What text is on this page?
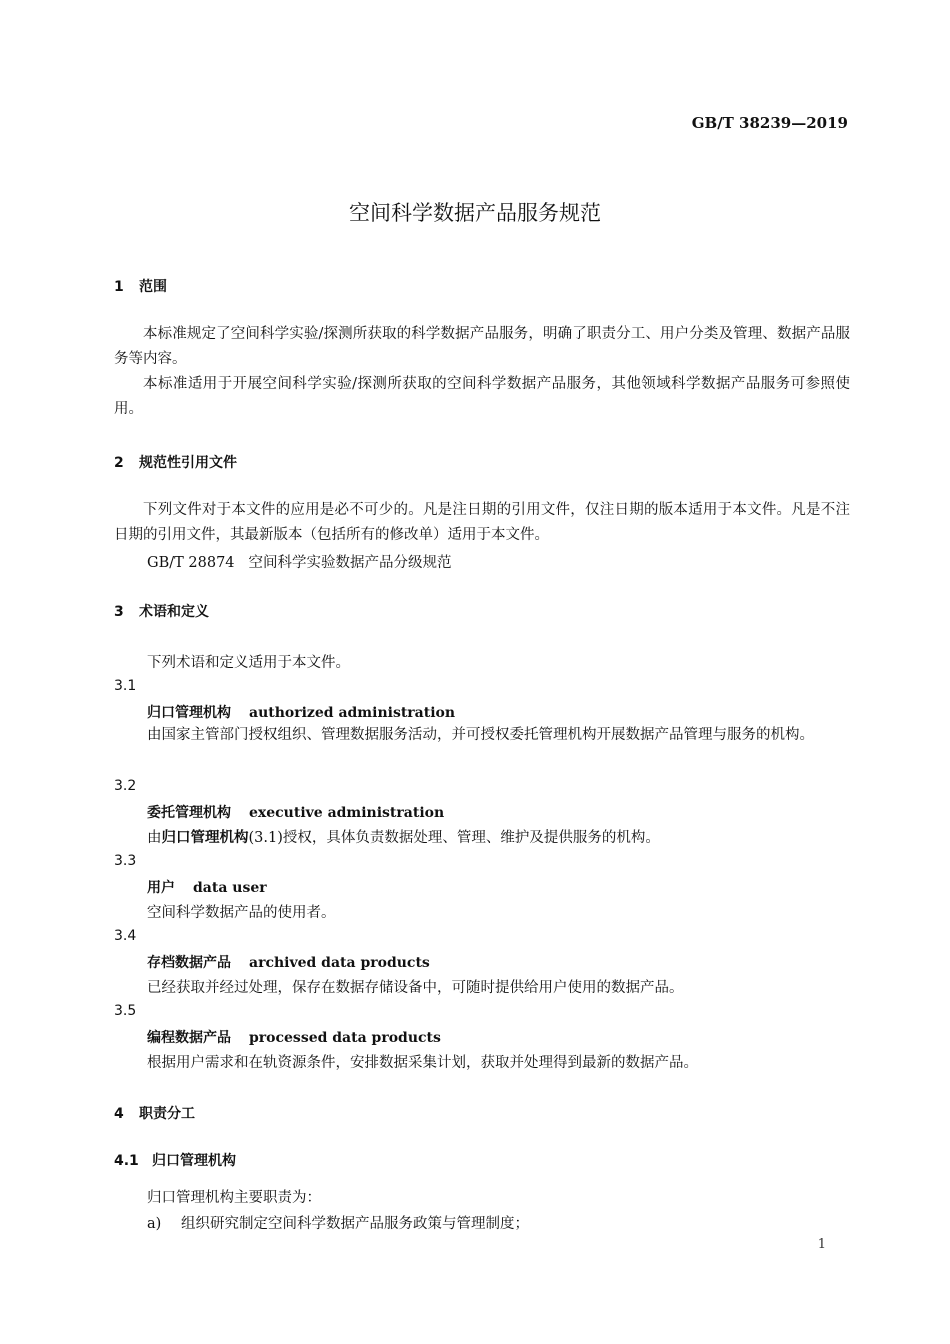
GB/T 38239—2019
空间科学数据产品服务规范
1 范围
本标准规定了空间科学实验/探测所获取的科学数据产品服务，明确了职责分工、用户分类及管理、数据产品服务等内容。
本标准适用于开展空间科学实验/探测所获取的空间科学数据产品服务，其他领域科学数据产品服务可参照使用。
2 规范性引用文件
下列文件对于本文件的应用是必不可少的。凡是注日期的引用文件，仅注日期的版本适用于本文件。凡是不注日期的引用文件，其最新版本（包括所有的修改单）适用于本文件。
GB/T 28874 空间科学实验数据产品分级规范
3 术语和定义
下列术语和定义适用于本文件。
3.1
归口管理机构 authorized administration
由国家主管部门授权组织、管理数据服务活动，并可授权委托管理机构开展数据产品管理与服务的机构。
3.2
委托管理机构 executive administration
由归口管理机构(3.1)授权，具体负责数据处理、管理、维护及提供服务的机构。
3.3
用户 data user
空间科学数据产品的使用者。
3.4
存档数据产品 archived data products
已经获取并经过处理，保存在数据存储设备中，可随时提供给用户使用的数据产品。
3.5
编程数据产品 processed data products
根据用户需求和在轨资源条件，安排数据采集计划，获取并处理得到最新的数据产品。
4 职责分工
4.1 归口管理机构
归口管理机构主要职责为：
a) 组织研究制定空间科学数据产品服务政策与管理制度；
1
